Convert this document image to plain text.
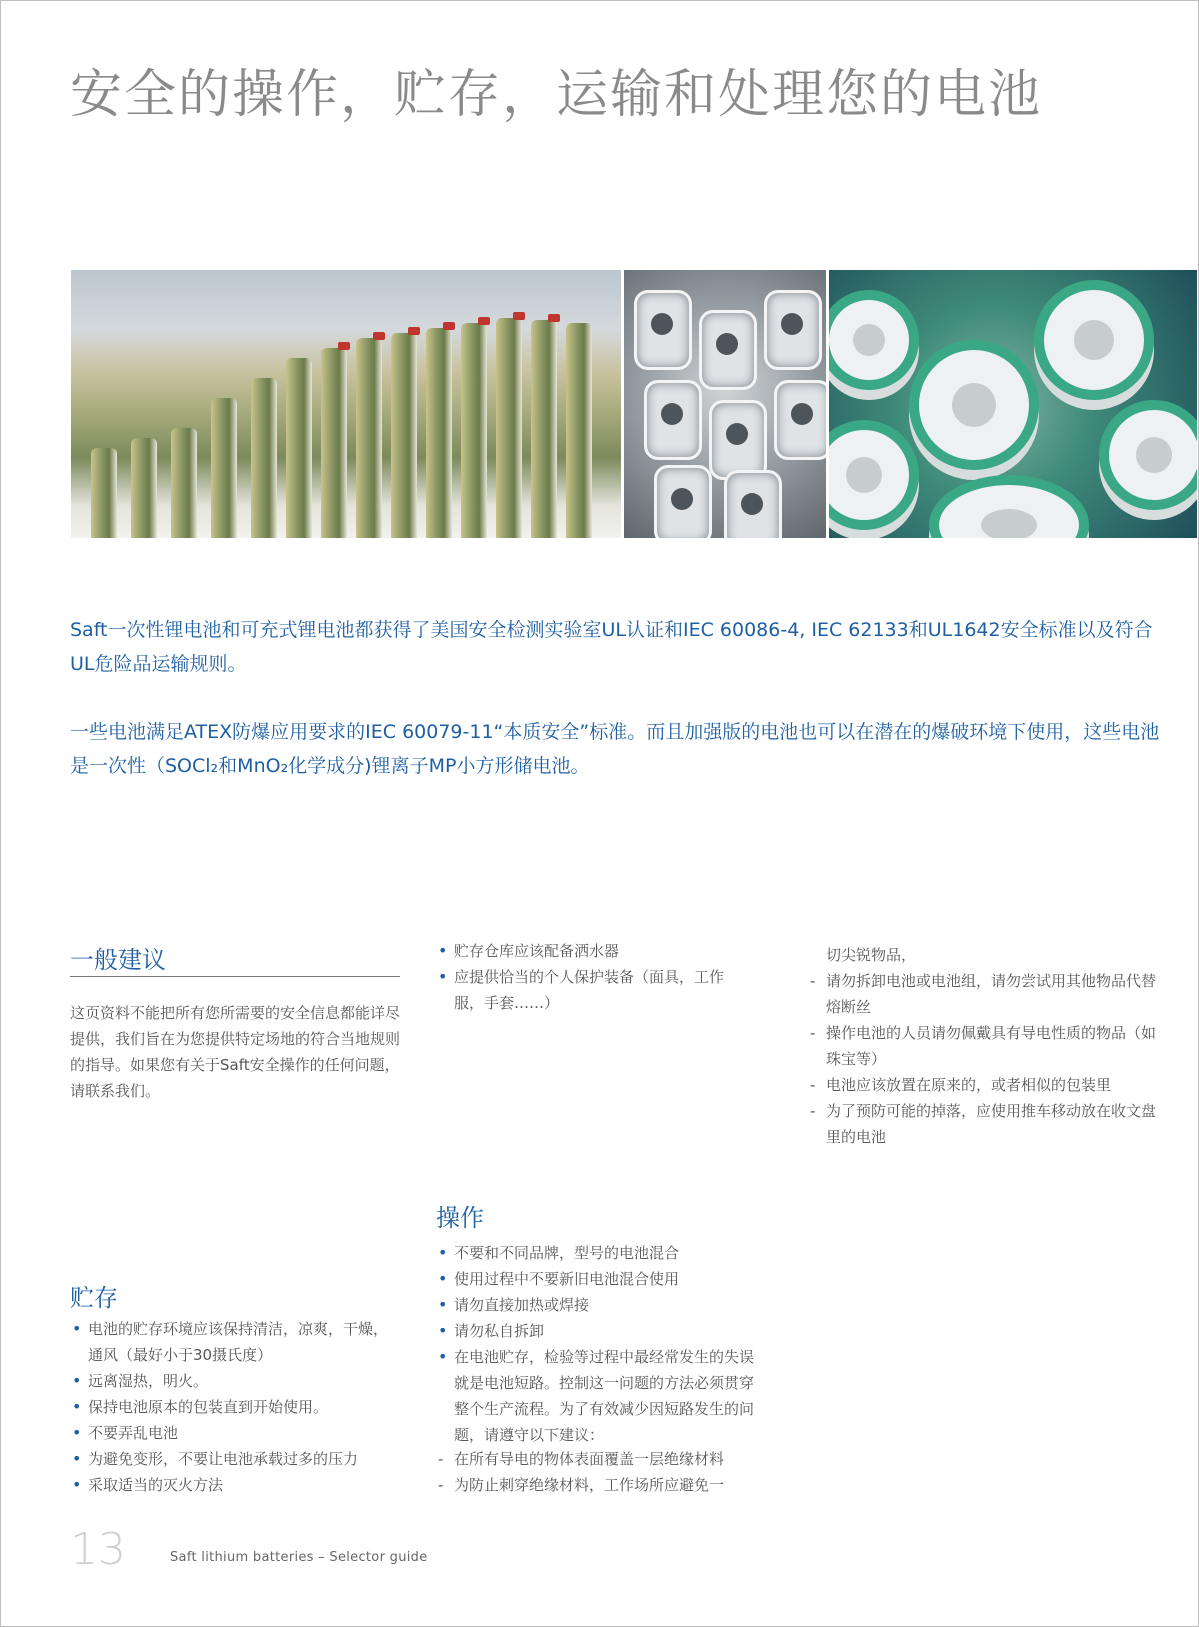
安全的操作，贮存，运输和处理您的电池
Saft一次性锂电池和可充式锂电池都获得了美国安全检测实验室UL认证和IEC 60086-4, IEC 62133和UL1642安全标准以及符合UL危险品运输规则。
一些电池满足ATEX防爆应用要求的IEC 60079-11“本质安全”标准。而且加强版的电池也可以在潜在的爆破环境下使用，这些电池是一次性（SOCl₂和MnO₂化学成分)锂离子MP小方形储电池。
一般建议
这页资料不能把所有您所需要的安全信息都能详尽提供，我们旨在为您提供特定场地的符合当地规则的指导。如果您有关于Saft安全操作的任何问题，请联系我们。
贮存
• 电池的贮存环境应该保持清洁，凉爽，干燥，通风（最好小于30摄氏度）
• 远离湿热，明火。
• 保持电池原本的包装直到开始使用。
• 不要弄乱电池
• 为避免变形，不要让电池承载过多的压力
• 采取适当的灭火方法
• 贮存仓库应该配备洒水器
• 应提供恰当的个人保护装备（面具，工作服，手套……）
操作
• 不要和不同品牌，型号的电池混合
• 使用过程中不要新旧电池混合使用
• 请勿直接加热或焊接
• 请勿私自拆卸
• 在电池贮存，检验等过程中最经常发生的失误就是电池短路。控制这一问题的方法必须贯穿整个生产流程。为了有效减少因短路发生的问题，请遵守以下建议：
- 在所有导电的物体表面覆盖一层绝缘材料
- 为防止刺穿绝缘材料，工作场所应避免一
切尖锐物品，
- 请勿拆卸电池或电池组，请勿尝试用其他物品代替熔断丝
- 操作电池的人员请勿佩戴具有导电性质的物品（如珠宝等）
- 电池应该放置在原来的，或者相似的包装里
- 为了预防可能的掉落，应使用推车移动放在收文盘里的电池
13	Saft lithium batteries – Selector guide
